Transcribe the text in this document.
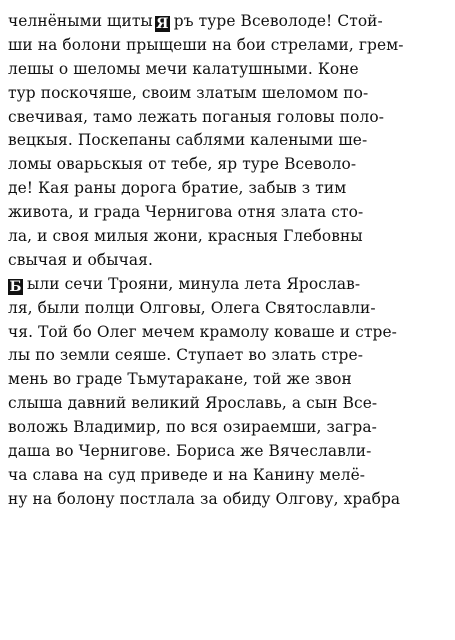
челнёными щиты Я ръ туре Всеволоде! Стой-
ши на болони прыщеши на бои стрелами, грем-
лешы о шеломы мечи калатушными. Коне
тур поскочяше, своим златым шеломом по-
свечивая, тамо лежать поганыя головы поло-
вецкыя. Поскепаны саблями калеными ше-
ломы оварьскыя от тебе, яр туре Всеволо-
де! Кая раны дорога братие, забыв з тим
живота, и града Чернигова отня злата сто-
ла, и своя милыя жони, красныя Глебовны
свычая и обычая.
Б ыли сечи Трояни, минула лета Ярослав-
ля, были полци Олговы, Олега Святославли-
чя. Той бо Олег мечем крамолу коваше и стре-
лы по земли сеяше. Ступает во злать стре-
мень во граде Тьмутаракане, той же звон
слыша давний великий Ярославь, а сын Все-
воложь Владимир, по вся озираемши, загра-
даша во Чернигове. Бориса же Вячеславли-
ча слава на суд приведе и на Канину мелё-
ну на болону постлала за обиду Олгову, храбра
